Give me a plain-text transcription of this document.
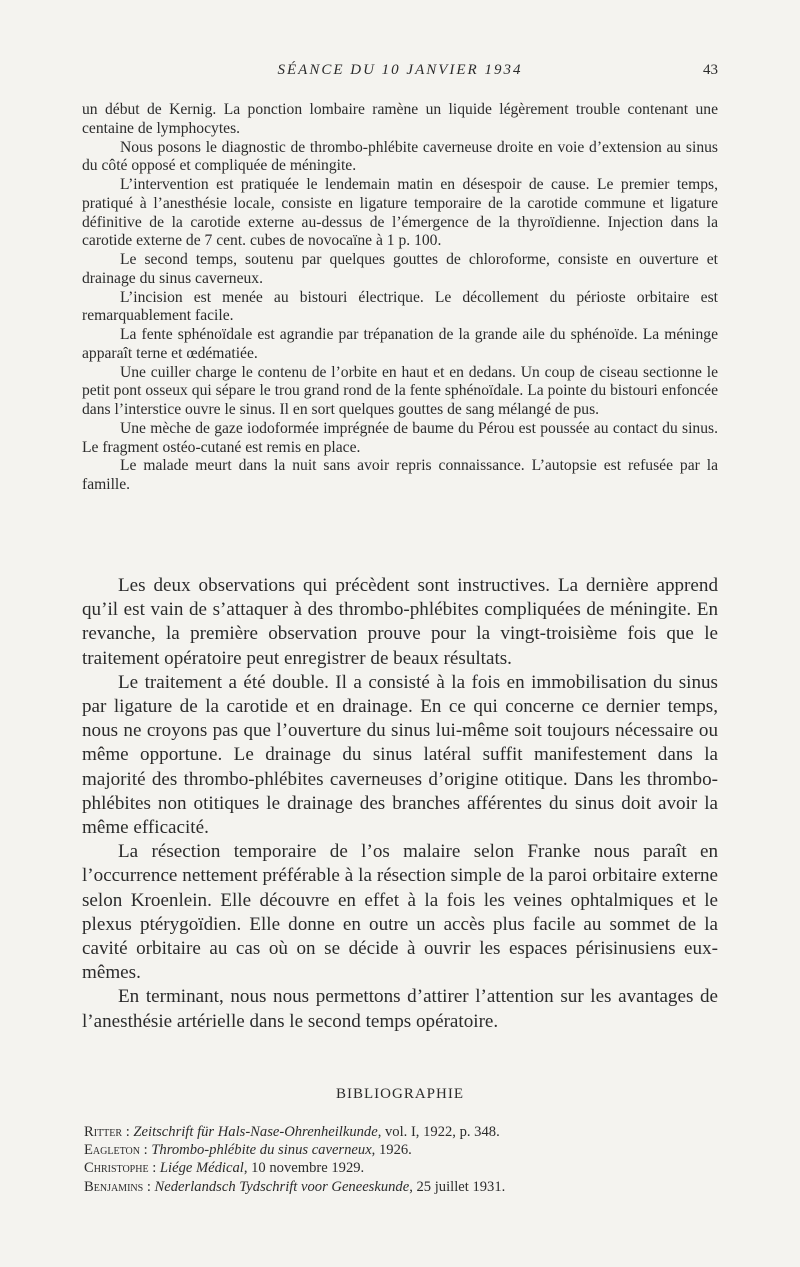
SÉANCE DU 10 JANVIER 1934	43

un début de Kernig. La ponction lombaire ramène un liquide légèrement trouble contenant une centaine de lymphocytes.

Nous posons le diagnostic de thrombo-phlébite caverneuse droite en voie d’extension au sinus du côté opposé et compliquée de méningite.

L’intervention est pratiquée le lendemain matin en désespoir de cause. Le premier temps, pratiqué à l’anesthésie locale, consiste en ligature temporaire de la carotide commune et ligature définitive de la carotide externe au-dessus de l’émergence de la thyroïdienne. Injection dans la carotide externe de 7 cent. cubes de novocaïne à 1 p. 100.

Le second temps, soutenu par quelques gouttes de chloroforme, consiste en ouverture et drainage du sinus caverneux.

L’incision est menée au bistouri électrique. Le décollement du périoste orbitaire est remarquablement facile.

La fente sphénoïdale est agrandie par trépanation de la grande aile du sphénoïde. La méninge apparaît terne et œdématiée.

Une cuiller charge le contenu de l’orbite en haut et en dedans. Un coup de ciseau sectionne le petit pont osseux qui sépare le trou grand rond de la fente sphénoïdale. La pointe du bistouri enfoncée dans l’interstice ouvre le sinus. Il en sort quelques gouttes de sang mélangé de pus.

Une mèche de gaze iodoformée imprégnée de baume du Pérou est poussée au contact du sinus. Le fragment ostéo-cutané est remis en place.

Le malade meurt dans la nuit sans avoir repris connaissance. L’autopsie est refusée par la famille.

Les deux observations qui précèdent sont instructives. La dernière apprend qu’il est vain de s’attaquer à des thrombo-phlébites compliquées de méningite. En revanche, la première observation prouve pour la vingt-troisième fois que le traitement opératoire peut enregistrer de beaux résultats.

Le traitement a été double. Il a consisté à la fois en immobilisation du sinus par ligature de la carotide et en drainage. En ce qui concerne ce dernier temps, nous ne croyons pas que l’ouverture du sinus lui-même soit toujours nécessaire ou même opportune. Le drainage du sinus latéral suffit manifestement dans la majorité des thrombo-phlébites caverneuses d’origine otitique. Dans les thrombo-phlébites non otitiques le drainage des branches afférentes du sinus doit avoir la même efficacité.

La résection temporaire de l’os malaire selon Franke nous paraît en l’occurrence nettement préférable à la résection simple de la paroi orbitaire externe selon Kroenlein. Elle découvre en effet à la fois les veines ophtalmiques et le plexus ptérygoïdien. Elle donne en outre un accès plus facile au sommet de la cavité orbitaire au cas où on se décide à ouvrir les espaces périsinusiens eux-mêmes.

En terminant, nous nous permettons d’attirer l’attention sur les avantages de l’anesthésie artérielle dans le second temps opératoire.

BIBLIOGRAPHIE
Ritter : Zeitschrift für Hals-Nase-Ohrenheilkunde, vol. I, 1922, p. 348.
Eagleton : Thrombo-phlébite du sinus caverneux, 1926.
Christophe : Liége Médical, 10 novembre 1929.
Benjamins : Nederlandsch Tydschrift voor Geneeskunde, 25 juillet 1931.
